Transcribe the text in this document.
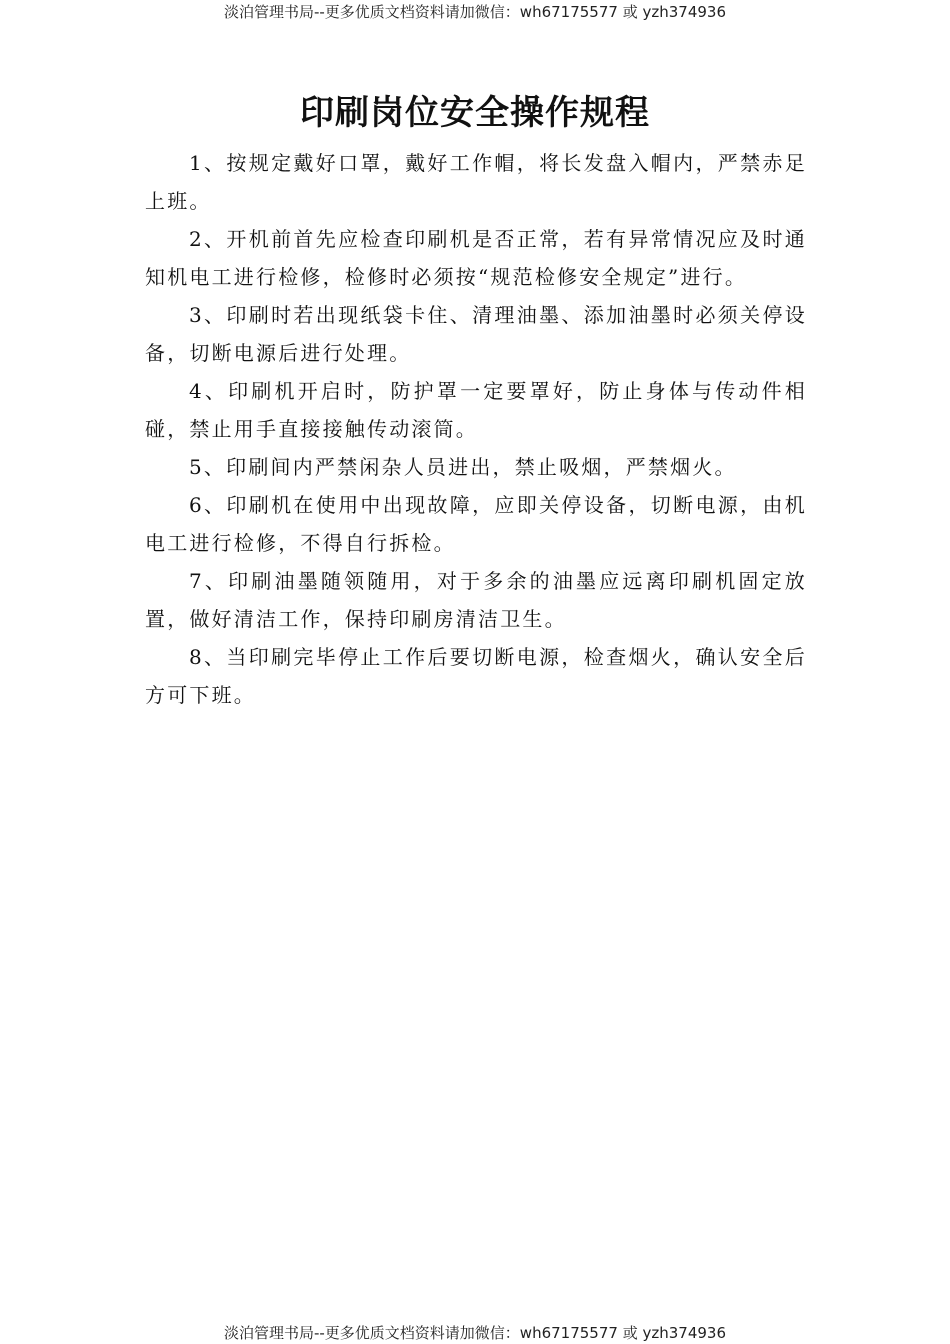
淡泊管理书局--更多优质文档资料请加微信：wh67175577 或 yzh374936
印刷岗位安全操作规程

1、按规定戴好口罩，戴好工作帽，将长发盘入帽内，严禁赤足上班。

2、开机前首先应检查印刷机是否正常，若有异常情况应及时通知机电工进行检修，检修时必须按“规范检修安全规定”进行。

3、印刷时若出现纸袋卡住、清理油墨、添加油墨时必须关停设备，切断电源后进行处理。

4、印刷机开启时，防护罩一定要罩好，防止身体与传动件相碰，禁止用手直接接触传动滚筒。

5、印刷间内严禁闲杂人员进出，禁止吸烟，严禁烟火。

6、印刷机在使用中出现故障，应即关停设备，切断电源，由机电工进行检修，不得自行拆检。

7、印刷油墨随领随用，对于多余的油墨应远离印刷机固定放置，做好清洁工作，保持印刷房清洁卫生。

8、当印刷完毕停止工作后要切断电源，检查烟火，确认安全后方可下班。

淡泊管理书局--更多优质文档资料请加微信：wh67175577 或 yzh374936
